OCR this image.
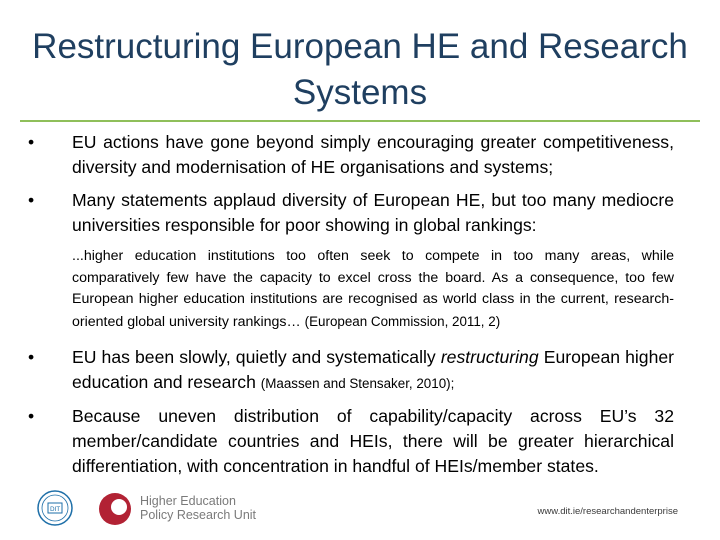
Restructuring European HE and Research Systems
•	EU actions have gone beyond simply encouraging greater competitiveness, diversity and modernisation of HE organisations and systems;
•	Many statements applaud diversity of European HE, but too many mediocre universities responsible for poor showing in global rankings:
...higher education institutions too often seek to compete in too many areas, while comparatively few have the capacity to excel cross the board. As a consequence, too few European higher education institutions are recognised as world class in the current, research-oriented global university rankings… (European Commission, 2011, 2)
•	EU has been slowly, quietly and systematically restructuring European higher education and research (Maassen and Stensaker, 2010);
•	Because uneven distribution of capability/capacity across EU’s 32 member/candidate countries and HEIs, there will be greater hierarchical differentiation, with concentration in handful of HEIs/member states.
DIT
Higher Education
Policy Research Unit	www.dit.ie/researchandenterprise
